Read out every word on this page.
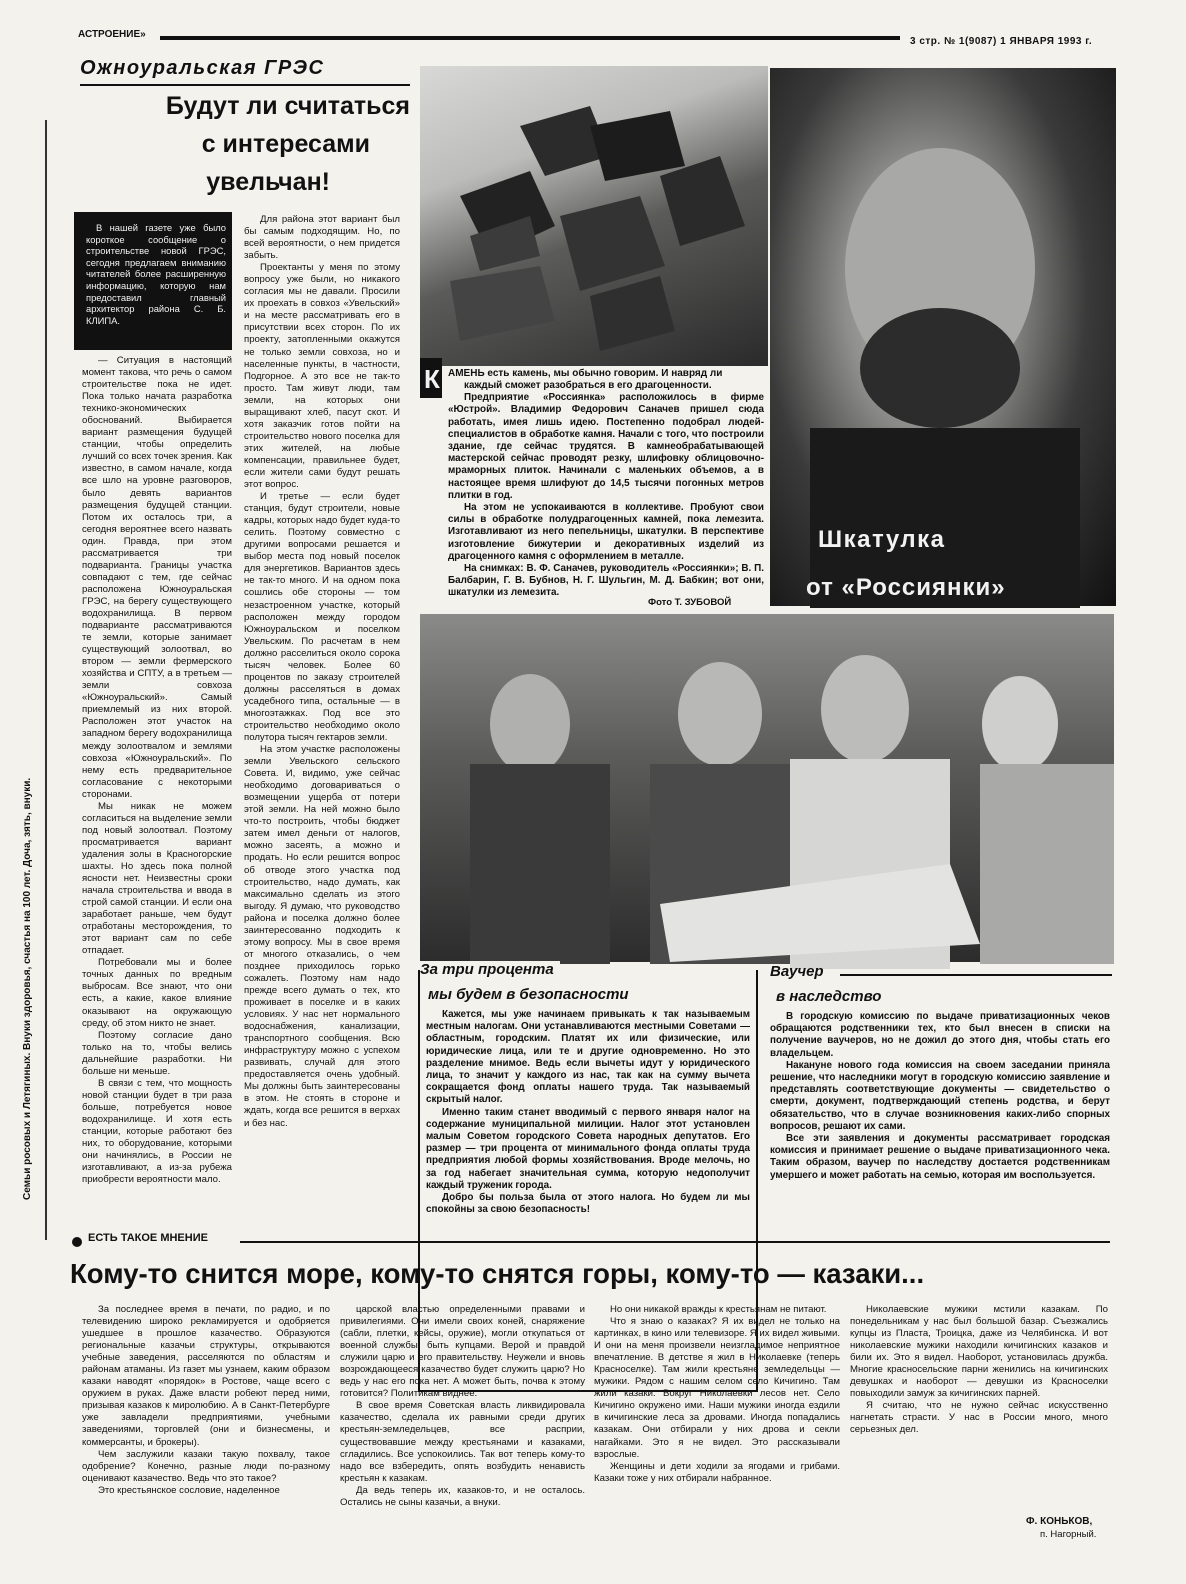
АСТРОЕНИЕ»
3 стр. № 1(9087) 1 ЯНВАРЯ 1993 г.
Семьи росовых и Летягиных. Внуки здоровья, счастья на 100 лет. Доча, зять, внуки.
Ожноуральская ГРЭС
Будут ли считаться
с интересами
увельчан!
В нашей газете уже было короткое сообщение о строительстве новой ГРЭС, сегодня предлагаем вниманию читателей более расширенную информацию, которую нам предоставил главный архитектор района С. Б. КЛИПА.

— Ситуация в настоящий момент такова, что речь о самом строительстве пока не идет. Пока только начата разработка технико-экономических обоснований. Выбирается вариант размещения будущей станции, чтобы определить лучший со всех точек зрения. Как известно, в самом начале, когда все шло на уровне разговоров, было девять вариантов размещения будущей станции. Потом их осталось три, а сегодня вероятнее всего назвать один. Правда, при этом рассматривается три подварианта. Границы участка совпадают с тем, где сейчас расположена Южноуральская ГРЭС, на берегу существующего водохранилища. В первом подварианте рассматриваются те земли, которые занимает существующий золоотвал, во втором — земли фермерского хозяйства и СПТУ, а в третьем — земли совхоза «Южноуральский». Самый приемлемый из них второй. Расположен этот участок на западном берегу водохранилища между золоотвалом и землями совхоза «Южноуральский». По нему есть предварительное согласование с некоторыми сторонами.

Мы никак не можем согласиться на выделение земли под новый золоотвал. Поэтому просматривается вариант удаления золы в Красногорские шахты. Но здесь пока полной ясности нет. Неизвестны сроки начала строительства и ввода в строй самой станции. И если она заработает раньше, чем будут отработаны месторождения, то этот вариант сам по себе отпадает.

Потребовали мы и более точных данных по вредным выбросам. Все знают, что они есть, а какие, какое влияние оказывают на окружающую среду, об этом никто не знает.

Поэтому согласие дано только на то, чтобы велись дальнейшие разработки. Ни больше ни меньше.

В связи с тем, что мощность новой станции будет в три раза больше, потребуется новое водохранилище. И хотя есть станции, которые работают без них, то оборудование, которыми они начинялись, в России не изготавливают, а из-за рубежа приобрести вероятности мало.

Для района этот вариант был бы самым подходящим. Но, по всей вероятности, о нем придется забыть.

Проектанты у меня по этому вопросу уже были, но никакого согласия мы не давали. Просили их проехать в совхоз «Увельский» и на месте рассматривать его в присутствии всех сторон. По их проекту, затопленными окажутся не только земли совхоза, но и населенные пункты, в частности, Подгорное. А это все не так-то просто. Там живут люди, там земли, на которых они выращивают хлеб, пасут скот. И хотя заказчик готов пойти на строительство нового поселка для этих жителей, на любые компенсации, правильнее будет, если жители сами будут решать этот вопрос.

И третье — если будет станция, будут строители, новые кадры, которых надо будет куда-то селить. Поэтому совместно с другими вопросами решается и выбор места под новый поселок для энергетиков. Вариантов здесь не так-то много. И на одном пока сошлись обе стороны — том незастроенном участке, который расположен между городом Южноуральском и поселком Увельским. По расчетам в нем должно расселиться около сорока тысяч человек. Более 60 процентов по заказу строителей должны расселяться в домах усадебного типа, остальные — в многоэтажках. Под все это строительство необходимо около полутора тысяч гектаров земли.

На этом участке расположены земли Увельского сельского Совета. И, видимо, уже сейчас необходимо договариваться о возмещении ущерба от потери этой земли. На ней можно было что-то построить, чтобы бюджет затем имел деньги от налогов, можно засеять, а можно и продать. Но если решится вопрос об отводе этого участка под строительство, надо думать, как максимально сделать из этого выгоду. Я думаю, что руководство района и поселка должно более заинтересованно подходить к этому вопросу. Мы в свое время от многого отказались, о чем позднее приходилось горько сожалеть. Поэтому нам надо прежде всего думать о тех, кто проживает в поселке и в каких условиях. У нас нет нормального водоснабжения, канализации, транспортного сообщения. Всю инфраструктуру можно с успехом развивать, случай для этого предоставляется очень удобный. Мы должны быть заинтересованы в этом. Не стоять в стороне и ждать, когда все решится в верхах и без нас.

К АМЕНЬ есть камень, мы обычно говорим. И навряд ли

каждый сможет разобраться в его драгоценности.

Предприятие «Россиянка» расположилось в фирме «Юстрой». Владимир Федорович Саначев пришел сюда работать, имея лишь идею. Постепенно подобрал людей-специалистов в обработке камня. Начали с того, что построили здание, где сейчас трудятся. В камнеобрабатывающей мастерской сейчас проводят резку, шлифовку облицовочно-мраморных плиток. Начинали с маленьких объемов, а в настоящее время шлифуют до 14,5 тысячи погонных метров плитки в год.

На этом не успокаиваются в коллективе. Пробуют свои силы в обработке полудрагоценных камней, пока лемезита. Изготавливают из него пепельницы, шкатулки. В перспективе изготовление бижутерии и декоративных изделий из драгоценного камня с оформлением в металле.

На снимках: В. Ф. Саначев, руководитель «Россиянки»; В. П. Балбарин, Г. В. Бубнов, Н. Г. Шульгин, М. Д. Бабкин; вот они, шкатулки из лемезита.

Фото Т. ЗУБОВОЙ
Шкатулка
от «Россиянки»
За три процента
мы будем в безопасности

Кажется, мы уже начинаем привыкать к так называемым местным налогам. Они устанавливаются местными Советами — областным, городским. Платят их или физические, или юридические лица, или те и другие одновременно. Но это разделение мнимое. Ведь если вычеты идут у юридического лица, то значит у каждого из нас, так как на сумму вычета сокращается фонд оплаты нашего труда. Так называемый скрытый налог.

Именно таким станет вводимый с первого января налог на содержание муниципальной милиции. Налог этот установлен малым Советом городского Совета народных депутатов. Его размер — три процента от минимального фонда оплаты труда предприятия любой формы хозяйствования. Вроде мелочь, но за год набегает значительная сумма, которую недополучит каждый труженик города.

Добро бы польза была от этого налога. Но будем ли мы спокойны за свою безопасность!

Ваучер
в наследство

В городскую комиссию по выдаче приватизационных чеков обращаются родственники тех, кто был внесен в списки на получение ваучеров, но не дожил до этого дня, чтобы стать его владельцем.

Накануне нового года комиссия на своем заседании приняла решение, что наследники могут в городскую комиссию заявление и представлять соответствующие документы — свидетельство о смерти, документ, подтверждающий степень родства, и берут обязательство, что в случае возникновения каких-либо спорных вопросов, решают их сами.

Все эти заявления и документы рассматривает городская комиссия и принимает решение о выдаче приватизационного чека. Таким образом, ваучер по наследству достается родственникам умершего и может работать на семью, которая им воспользуется.

ЕСТЬ ТАКОЕ МНЕНИЕ
Кому-то снится море, кому-то снятся горы, кому-то — казаки...

За последнее время в печати, по радио, и по телевидению широко рекламируется и одобряется ушедшее в прошлое казачество. Образуются региональные казачьи структуры, открываются учебные заведения, расселяются по областям и районам атаманы. Из газет мы узнаем, каким образом казаки наводят «порядок» в Ростове, чаще всего с оружием в руках. Даже власти робеют перед ними, призывая казаков к миролюбию. А в Санкт-Петербурге уже завладели предприятиями, учебными заведениями, торговлей (они и бизнесмены, и коммерсанты, и брокеры).

Чем заслужили казаки такую похвалу, такое одобрение? Конечно, разные люди по-разному оценивают казачество. Ведь что это такое?

Это крестьянское сословие, наделенное

царской властью определенными правами и привилегиями. Они имели своих коней, снаряжение (сабли, плетки, кейсы, оружие), могли откупаться от военной службы, быть купцами. Верой и правдой служили царю и его правительству. Неужели и вновь возрождающееся казачество будет служить царю? Но ведь у нас его пока нет. А может быть, почва к этому готовится? Политикам виднее.

В свое время Советская власть ликвидировала казачество, сделала их равными среди других крестьян-земледельцев, все расприи, существовавшие между крестьянами и казаками, сгладились. Все успокоились. Так вот теперь кому-то надо все взбередить, опять возбудить ненависть крестьян к казакам.

Да ведь теперь их, казаков-то, и не осталось. Остались не сыны казачьи, а внуки.

Но они никакой вражды к крестьянам не питают.

Что я знаю о казаках? Я их видел не только на картинках, в кино или телевизоре. Я их видел живыми. И они на меня произвели неизгладимое неприятное впечатление. В детстве я жил в Николаевке (теперь Красноселке). Там жили крестьяне земледельцы — мужики. Рядом с нашим селом село Кичигино. Там жили казаки. Вокруг Николаевки лесов нет. Село Кичигино окружено ими. Наши мужики иногда ездили в кичигинские леса за дровами. Иногда попадались казакам. Они отбирали у них дрова и секли нагайками. Это я не видел. Это рассказывали взрослые.

Женщины и дети ходили за ягодами и грибами. Казаки тоже у них отбирали набранное.

Николаевские мужики мстили казакам. По понедельникам у нас был большой базар. Съезжались купцы из Пласта, Троицка, даже из Челябинска. И вот николаевские мужики находили кичигинских казаков и били их. Это я видел. Наоборот, установилась дружба. Многие красносельские парни женились на кичигинских девушках и наоборот — девушки из Красноселки повыходили замуж за кичигинских парней.

Я считаю, что не нужно сейчас искусственно нагнетать страсти. У нас в России много, много серьезных дел.

Ф. КОНЬКОВ,
п. Нагорный.
